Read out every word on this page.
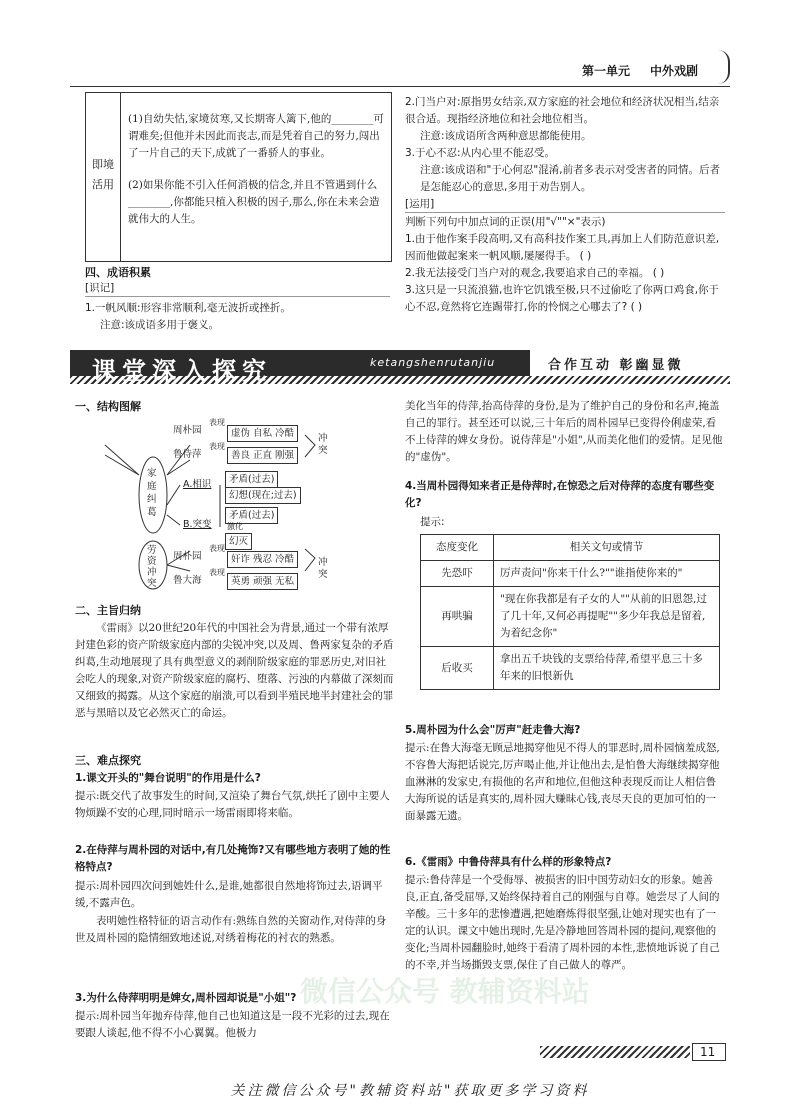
第一单元 中外戏剧
即境
活用

(1)自幼失怙,家境贫寒,又长期寄人篱下,他的________可谓难矣;但他并未因此而丧志,而是凭着自己的努力,闯出了一片自己的天下,成就了一番骄人的事业。

(2)如果你能不引入任何消极的信念,并且不管遇到什么________,你都能只植入积极的因子,那么,你在未来会造就伟大的人生。

四、成语积累

[识记]

1.一帆风顺:形容非常顺利,毫无波折或挫折。

注意:该成语多用于褒义。

2.门当户对:原指男女结亲,双方家庭的社会地位和经济状况相当,结亲很合适。现指经济地位和社会地位相当。

注意:该成语所含两种意思都能使用。

3.于心不忍:从内心里不能忍受。

注意:该成语和"于心何忍"混淆,前者多表示对受害者的同情。后者是怎能忍心的意思,多用于劝告别人。

[运用]

判断下列句中加点词的正误(用"√""×"表示)

1.由于他作案手段高明,又有高科技作案工具,再加上人们防范意识差,因而他做起案来一帆风顺,屡屡得手。 ( )

2.我无法接受门当户对的观念,我要追求自己的幸福。 ( )

3.这只是一只流浪猫,也许它饥饿至极,只不过偷吃了你两口鸡食,你于心不忍,竟然将它连踢带打,你的怜悯之心哪去了? ( )

课堂深入探究	ketangshenrutanjiu	合作互动 彰幽显微

一、结构图解

周朴园
鲁侍萍
表现
表现
虚伪 自私 冷酷
善良 正直 刚强
冲突
家庭纠葛
A.相识	矛盾(过去)
幻想(现在;过去)
B.突变
矛盾(过去)
激化
幻灭
劳资冲突
周朴园
鲁大海
表现
表现
奸诈 残忍 冷酷
英勇 顽强 无私
冲突

二、主旨归纳

《雷雨》以20世纪20年代的中国社会为背景,通过一个带有浓厚封建色彩的资产阶级家庭内部的尖锐冲突,以及周、鲁两家复杂的矛盾纠葛,生动地展现了具有典型意义的剥削阶级家庭的罪恶历史,对旧社会吃人的现象,对资产阶级家庭的腐朽、堕落、污浊的内幕做了深刻而又细致的揭露。从这个家庭的崩溃,可以看到半殖民地半封建社会的罪恶与黑暗以及它必然灭亡的命运。

三、难点探究

1.课文开头的"舞台说明"的作用是什么?

提示:既交代了故事发生的时间,又渲染了舞台气氛,烘托了剧中主要人物烦躁不安的心理,同时暗示一场雷雨即将来临。

2.在侍萍与周朴园的对话中,有几处掩饰?又有哪些地方表明了她的性格特点?

提示:周朴园四次问到她姓什么,是谁,她都很自然地将饰过去,语调平缓,不露声色。

表明她性格特征的语言动作有:熟练自然的关窗动作,对侍萍的身世及周朴园的隐情细致地述说,对绣着梅花的衬衣的熟悉。

3.为什么侍萍明明是婢女,周朴园却说是"小姐"?

提示:周朴园当年抛弃侍萍,他自己也知道这是一段不光彩的过去,现在要跟人谈起,他不得不小心翼翼。他极力

美化当年的侍萍,抬高侍萍的身份,是为了维护自己的身份和名声,掩盖自己的罪行。甚至还可以说,三十年后的周朴园早已变得伶俐虚荣,看不上侍萍的婢女身份。说侍萍是"小姐",从而美化他们的爱情。足见他的"虚伪"。

4.当周朴园得知来者正是侍萍时,在惊恐之后对侍萍的态度有哪些变化?

提示:

态度变化	相关文句或情节
先恐吓	厉声责问"你来干什么?""谁指使你来的"
再哄骗	"现在你我都是有子女的人""从前的旧恩怨,过了几十年,又何必再提呢""多少年我总是留着,为着纪念你"
后收买	拿出五千块钱的支票给侍萍,希望平息三十多年来的旧恨新仇

5.周朴园为什么会"厉声"赶走鲁大海?

提示:在鲁大海毫无顾忌地揭穿他见不得人的罪恶时,周朴园恼羞成怒,不容鲁大海把话说完,厉声喝止他,并让他出去,是怕鲁大海继续揭穿他血淋淋的发家史,有损他的名声和地位,但他这种表现反而让人相信鲁大海所说的话是真实的,周朴园大赚昧心钱,丧尽天良的更加可怕的一面暴露无遗。

6.《雷雨》中鲁侍萍具有什么样的形象特点?

提示:鲁侍萍是一个受侮辱、被损害的旧中国劳动妇女的形象。她善良,正直,备受屈辱,又始终保持着自己的刚强与自尊。她尝尽了人间的辛酸。三十多年的悲惨遭遇,把她磨炼得很坚强,让她对现实也有了一定的认识。课文中她出现时,先是冷静地回答周朴园的提问,观察他的变化;当周朴园翻脸时,她终于看清了周朴园的本性,悲愤地诉说了自己的不幸,并当场撕毁支票,保住了自己做人的尊严。

微信公众号 教辅资料站
11

关注微信公众号"教辅资料站"获取更多学习资料
